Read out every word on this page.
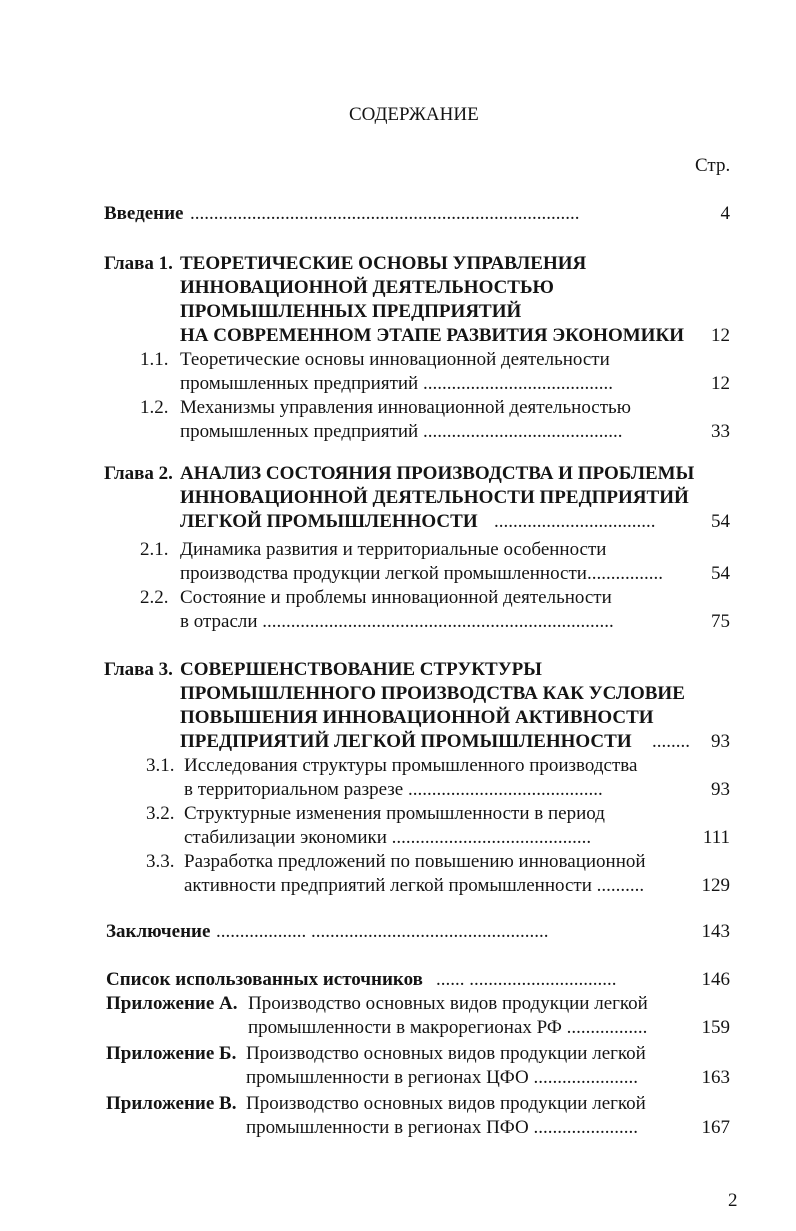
СОДЕРЖАНИЕ
Стр.
Введение ..................................................................................	4
Глава 1. ТЕОРЕТИЧЕСКИЕ ОСНОВЫ УПРАВЛЕНИЯ
ИННОВАЦИОННОЙ ДЕЯТЕЛЬНОСТЬЮ
ПРОМЫШЛЕННЫХ ПРЕДПРИЯТИЙ
НА СОВРЕМЕННОМ ЭТАПЕ РАЗВИТИЯ ЭКОНОМИКИ	12
1.1. Теоретические основы инновационной деятельности
промышленных предприятий ........................................	12
1.2. Механизмы управления инновационной деятельностью
промышленных предприятий ..........................................	33
Глава 2. АНАЛИЗ СОСТОЯНИЯ ПРОИЗВОДСТВА И ПРОБЛЕМЫ
ИННОВАЦИОННОЙ ДЕЯТЕЛЬНОСТИ ПРЕДПРИЯТИЙ
ЛЕГКОЙ ПРОМЫШЛЕННОСТИ ..................................	54
2.1. Динамика развития и территориальные особенности
производства продукции легкой промышленности................	54
2.2. Состояние и проблемы инновационной деятельности
в отрасли ..........................................................................	75
Глава 3. СОВЕРШЕНСТВОВАНИЕ СТРУКТУРЫ
ПРОМЫШЛЕННОГО ПРОИЗВОДСТВА КАК УСЛОВИЕ
ПОВЫШЕНИЯ ИННОВАЦИОННОЙ АКТИВНОСТИ
ПРЕДПРИЯТИЙ ЛЕГКОЙ ПРОМЫШЛЕННОСТИ ........	93
3.1. Исследования структуры промышленного производства
в территориальном разрезе .........................................	93
3.2. Структурные изменения промышленности в период
стабилизации экономики ..........................................	111
3.3. Разработка предложений по повышению инновационной
активности предприятий легкой промышленности ..........	129
Заключение ................... ..................................................	143
Список использованных источников ...... ...............................	146
Приложение А. Производство основных видов продукции легкой
промышленности в макрорегионах РФ .................	159
Приложение Б. Производство основных видов продукции легкой
промышленности в регионах ЦФО ......................	163
Приложение В. Производство основных видов продукции легкой
промышленности в регионах ПФО ......................	167
2
